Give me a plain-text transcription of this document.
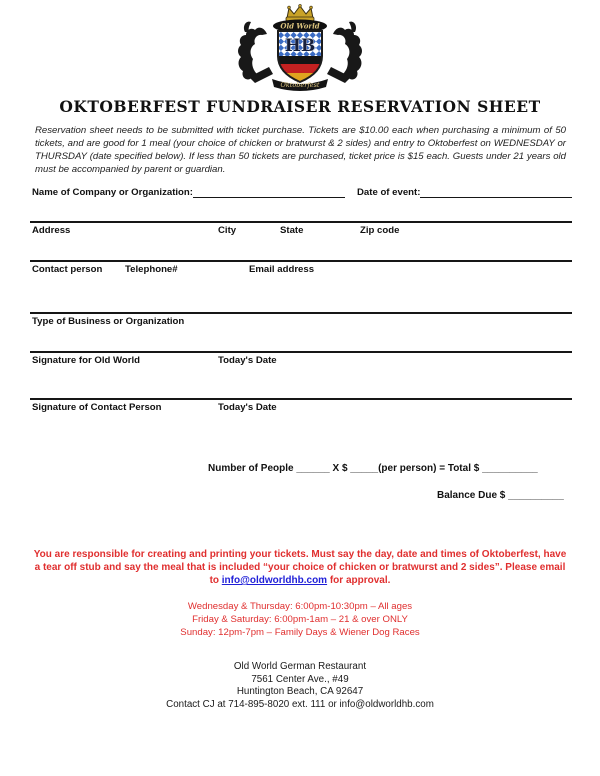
Old World
HB
Oktoberfest
OKTOBERFEST FUNDRAISER RESERVATION SHEET
Reservation sheet needs to be submitted with ticket purchase. Tickets are $10.00 each when purchasing a minimum of 50 tickets, and are good for 1 meal (your choice of chicken or bratwurst & 2 sides) and entry to Oktoberfest on WEDNESDAY or THURSDAY (date specified below). If less than 50 tickets are purchased, ticket price is $15 each. Guests under 21 years old must be accompanied by parent or guardian.
Name of Company or Organization:	Date of event:
Address	City	State	Zip code
Contact person Telephone#	Email address
Type of Business or Organization
Signature for Old World	Today's Date
Signature of Contact Person	Today's Date
Number of People ______ X $ _____(per person) = Total $ __________
Balance Due $ __________
You are responsible for creating and printing your tickets. Must say the day, date and times of Oktoberfest, have a tear off stub and say the meal that is included “your choice of chicken or bratwurst and 2 sides”. Please email to info@oldworldhb.com for approval.
Wednesday & Thursday: 6:00pm-10:30pm – All ages
Friday & Saturday: 6:00pm-1am – 21 & over ONLY
Sunday: 12pm-7pm – Family Days & Wiener Dog Races
Old World German Restaurant
7561 Center Ave., #49
Huntington Beach, CA 92647
Contact CJ at 714-895-8020 ext. 111 or info@oldworldhb.com
